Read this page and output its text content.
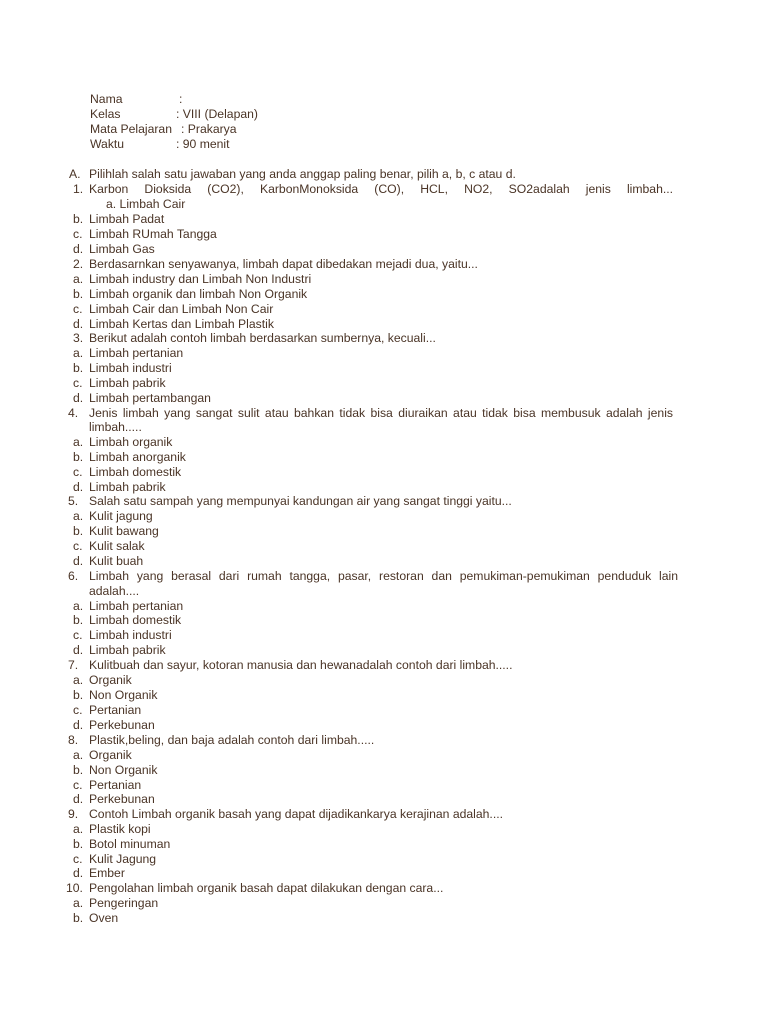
Nama	:
Kelas	: VIII (Delapan)
Mata Pelajaran : Prakarya
Waktu	: 90 menit
A. Pilihlah salah satu jawaban yang anda anggap paling benar, pilih a, b, c atau d.
1. Karbon Dioksida (CO2), KarbonMonoksida (CO), HCL, NO2, SO2adalah jenis limbah...
a. Limbah Cair
b. Limbah Padat
c. Limbah RUmah Tangga
d. Limbah Gas
2. Berdasarnkan senyawanya, limbah dapat dibedakan mejadi dua, yaitu...
a. Limbah industry dan Limbah Non Industri
b. Limbah organik dan limbah Non Organik
c. Limbah Cair dan Limbah Non Cair
d. Limbah Kertas dan Limbah Plastik
3. Berikut adalah contoh limbah berdasarkan sumbernya, kecuali...
a. Limbah pertanian
b. Limbah industri
c. Limbah pabrik
d. Limbah pertambangan
4. Jenis limbah yang sangat sulit atau bahkan tidak bisa diuraikan atau tidak bisa membusuk adalah jenis
limbah.....
a. Limbah organik
b. Limbah anorganik
c. Limbah domestik
d. Limbah pabrik
5. Salah satu sampah yang mempunyai kandungan air yang sangat tinggi yaitu...
a. Kulit jagung
b. Kulit bawang
c. Kulit salak
d. Kulit buah
6. Limbah yang berasal dari rumah tangga, pasar, restoran dan pemukiman-pemukiman penduduk lain
adalah....
a. Limbah pertanian
b. Limbah domestik
c. Limbah industri
d. Limbah pabrik
7. Kulitbuah dan sayur, kotoran manusia dan hewanadalah contoh dari limbah.....
a. Organik
b. Non Organik
c. Pertanian
d. Perkebunan
8. Plastik,beling, dan baja adalah contoh dari limbah.....
a. Organik
b. Non Organik
c. Pertanian
d. Perkebunan
9. Contoh Limbah organik basah yang dapat dijadikankarya kerajinan adalah....
a. Plastik kopi
b. Botol minuman
c. Kulit Jagung
d. Ember
10. Pengolahan limbah organik basah dapat dilakukan dengan cara...
a. Pengeringan
b. Oven
